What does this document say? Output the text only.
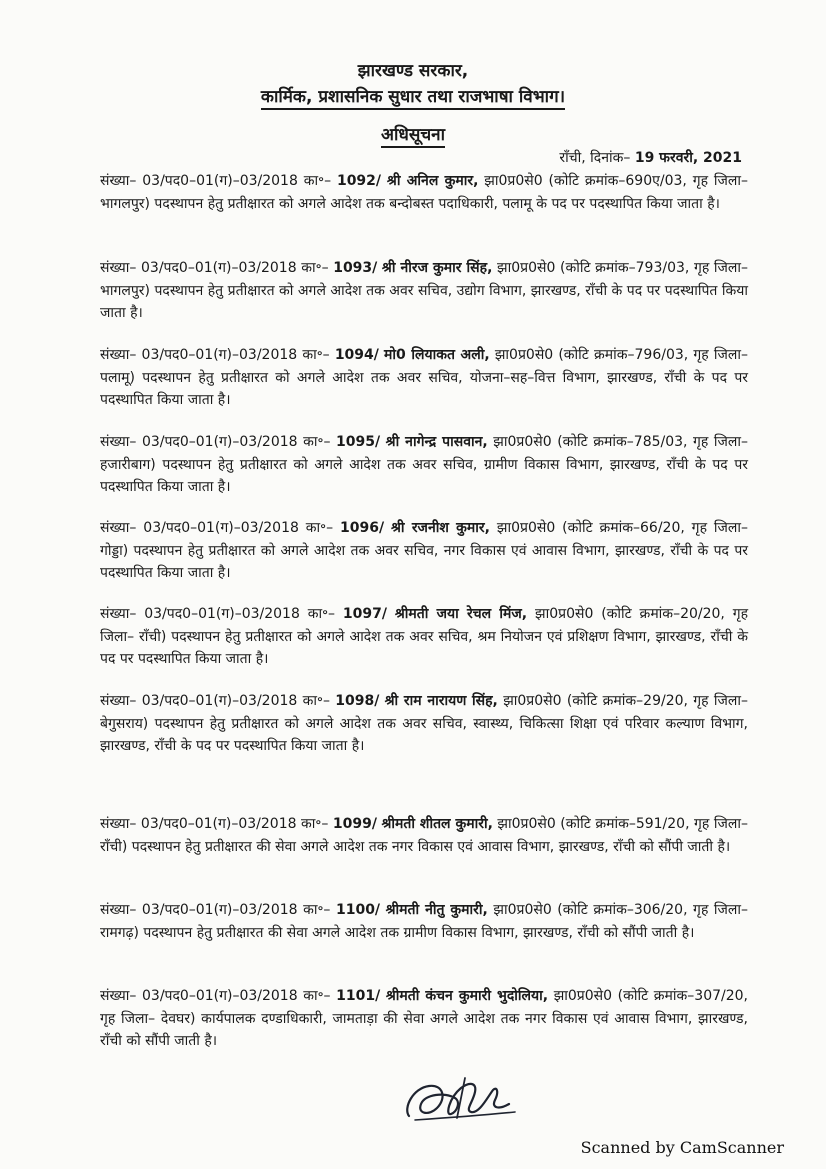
झारखण्ड सरकार,
कार्मिक, प्रशासनिक सुधार तथा राजभाषा विभाग।
अधिसूचना
राँची, दिनांक– 19 फरवरी, 2021

संख्या– 03/पद0–01(ग)–03/2018 का॰– 1092/ श्री अनिल कुमार, झा0प्र0से0 (कोटि क्रमांक–690ए/03, गृह जिला– भागलपुर) पदस्थापन हेतु प्रतीक्षारत को अगले आदेश तक बन्दोबस्त पदाधिकारी, पलामू के पद पर पदस्थापित किया जाता है।

संख्या– 03/पद0–01(ग)–03/2018 का॰– 1093/ श्री नीरज कुमार सिंह, झा0प्र0से0 (कोटि क्रमांक–793/03, गृह जिला– भागलपुर) पदस्थापन हेतु प्रतीक्षारत को अगले आदेश तक अवर सचिव, उद्योग विभाग, झारखण्ड, राँची के पद पर पदस्थापित किया जाता है।

संख्या– 03/पद0–01(ग)–03/2018 का॰– 1094/ मो0 लियाकत अली, झा0प्र0से0 (कोटि क्रमांक–796/03, गृह जिला– पलामू) पदस्थापन हेतु प्रतीक्षारत को अगले आदेश तक अवर सचिव, योजना–सह–वित्त विभाग, झारखण्ड, राँची के पद पर पदस्थापित किया जाता है।

संख्या– 03/पद0–01(ग)–03/2018 का॰– 1095/ श्री नागेन्द्र पासवान, झा0प्र0से0 (कोटि क्रमांक–785/03, गृह जिला– हजारीबाग) पदस्थापन हेतु प्रतीक्षारत को अगले आदेश तक अवर सचिव, ग्रामीण विकास विभाग, झारखण्ड, राँची के पद पर पदस्थापित किया जाता है।

संख्या– 03/पद0–01(ग)–03/2018 का॰– 1096/ श्री रजनीश कुमार, झा0प्र0से0 (कोटि क्रमांक–66/20, गृह जिला– गोड्डा) पदस्थापन हेतु प्रतीक्षारत को अगले आदेश तक अवर सचिव, नगर विकास एवं आवास विभाग, झारखण्ड, राँची के पद पर पदस्थापित किया जाता है।

संख्या– 03/पद0–01(ग)–03/2018 का॰– 1097/ श्रीमती जया रेचल मिंज, झा0प्र0से0 (कोटि क्रमांक–20/20, गृह जिला– राँची) पदस्थापन हेतु प्रतीक्षारत को अगले आदेश तक अवर सचिव, श्रम नियोजन एवं प्रशिक्षण विभाग, झारखण्ड, राँची के पद पर पदस्थापित किया जाता है।

संख्या– 03/पद0–01(ग)–03/2018 का॰– 1098/ श्री राम नारायण सिंह, झा0प्र0से0 (कोटि क्रमांक–29/20, गृह जिला– बेगुसराय) पदस्थापन हेतु प्रतीक्षारत को अगले आदेश तक अवर सचिव, स्वास्थ्य, चिकित्सा शिक्षा एवं परिवार कल्याण विभाग, झारखण्ड, राँची के पद पर पदस्थापित किया जाता है।

संख्या– 03/पद0–01(ग)–03/2018 का॰– 1099/ श्रीमती शीतल कुमारी, झा0प्र0से0 (कोटि क्रमांक–591/20, गृह जिला– राँची) पदस्थापन हेतु प्रतीक्षारत की सेवा अगले आदेश तक नगर विकास एवं आवास विभाग, झारखण्ड, राँची को सौंपी जाती है।

संख्या– 03/पद0–01(ग)–03/2018 का॰– 1100/ श्रीमती नीतु कुमारी, झा0प्र0से0 (कोटि क्रमांक–306/20, गृह जिला– रामगढ़) पदस्थापन हेतु प्रतीक्षारत की सेवा अगले आदेश तक ग्रामीण विकास विभाग, झारखण्ड, राँची को सौंपी जाती है।

संख्या– 03/पद0–01(ग)–03/2018 का॰– 1101/ श्रीमती कंचन कुमारी भुदोलिया, झा0प्र0से0 (कोटि क्रमांक–307/20, गृह जिला– देवघर) कार्यपालक दण्डाधिकारी, जामताड़ा की सेवा अगले आदेश तक नगर विकास एवं आवास विभाग, झारखण्ड, राँची को सौंपी जाती है।

Scanned by CamScanner
